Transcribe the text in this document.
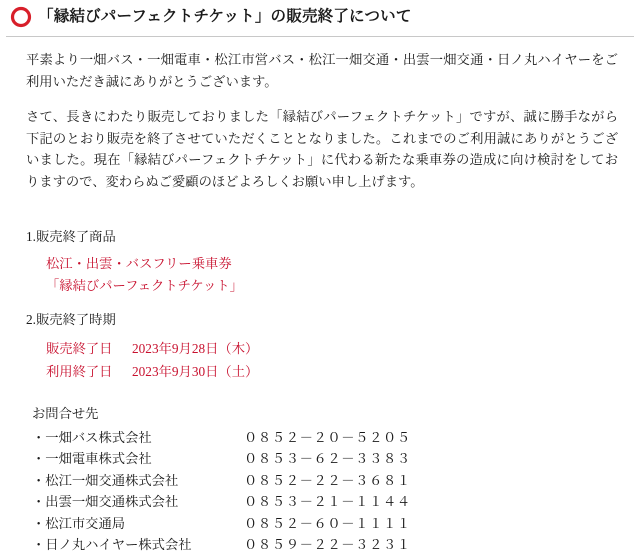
「縁結びパーフェクトチケット」の販売終了について

平素より一畑バス・一畑電車・松江市営バス・松江一畑交通・出雲一畑交通・日ノ丸ハイヤーをご利用いただき誠にありがとうございます。

さて、長きにわたり販売しておりました「縁結びパーフェクトチケット」ですが、誠に勝手ながら下記のとおり販売を終了させていただくこととなりました。これまでのご利用誠にありがとうございました。現在「縁結びパーフェクトチケット」に代わる新たな乗車券の造成に向け検討をしておりますので、変わらぬご愛顧のほどよろしくお願い申し上げます。

1.販売終了商品

松江・出雲・バスフリー乗車券

「縁結びパーフェクトチケット」

2.販売終了時期

販売終了日 2023年9月28日（木）

利用終了日 2023年9月30日（土）

お問合せ先

・一畑バス株式会社	０８５２－２０－５２０５
・一畑電車株式会社	０８５３－６２－３３８３
・松江一畑交通株式会社	０８５２－２２－３６８１
・出雲一畑交通株式会社	０８５３－２１－１１４４
・松江市交通局	０８５２－６０－１１１１
・日ノ丸ハイヤー株式会社	０８５９－２２－３２３１
